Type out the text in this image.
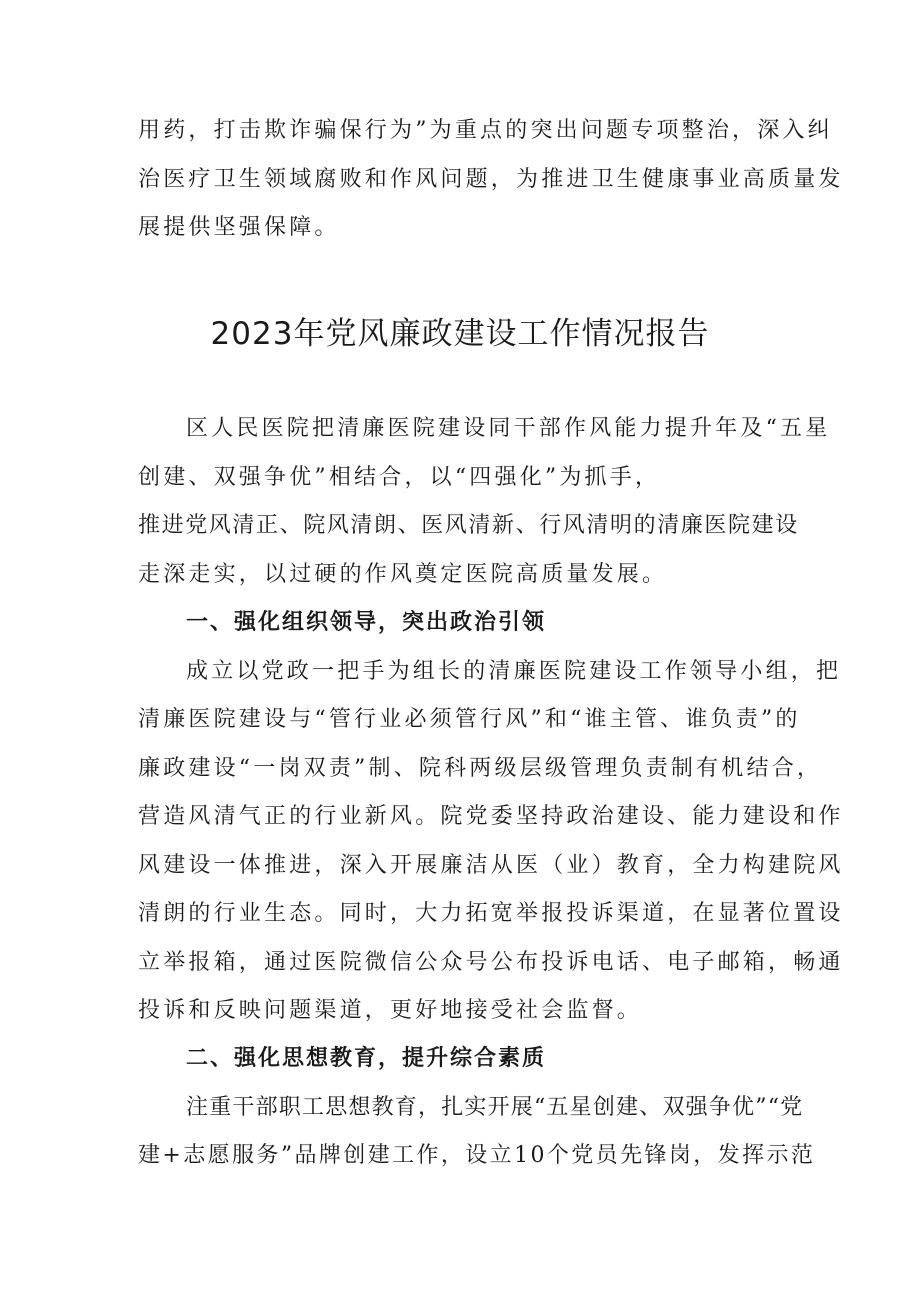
用药，打击欺诈骗保行为”为重点的突出问题专项整治，深入纠
治医疗卫生领域腐败和作风问题，为推进卫生健康事业高质量发
展提供坚强保障。
2023年党风廉政建设工作情况报告
区人民医院把清廉医院建设同干部作风能力提升年及“五星
创建、双强争优”相结合，以“四强化”为抓手，
推进党风清正、院风清朗、医风清新、行风清明的清廉医院建设
走深走实，以过硬的作风奠定医院高质量发展。
一、强化组织领导，突出政治引领
成立以党政一把手为组长的清廉医院建设工作领导小组，把
清廉医院建设与“管行业必须管行风”和“谁主管、谁负责”的
廉政建设“一岗双责”制、院科两级层级管理负责制有机结合，
营造风清气正的行业新风。院党委坚持政治建设、能力建设和作
风建设一体推进，深入开展廉洁从医（业）教育，全力构建院风
清朗的行业生态。同时，大力拓宽举报投诉渠道，在显著位置设
立举报箱，通过医院微信公众号公布投诉电话、电子邮箱，畅通
投诉和反映问题渠道，更好地接受社会监督。
二、强化思想教育，提升综合素质
注重干部职工思想教育，扎实开展“五星创建、双强争优”“党
建+志愿服务”品牌创建工作，设立10个党员先锋岗，发挥示范
